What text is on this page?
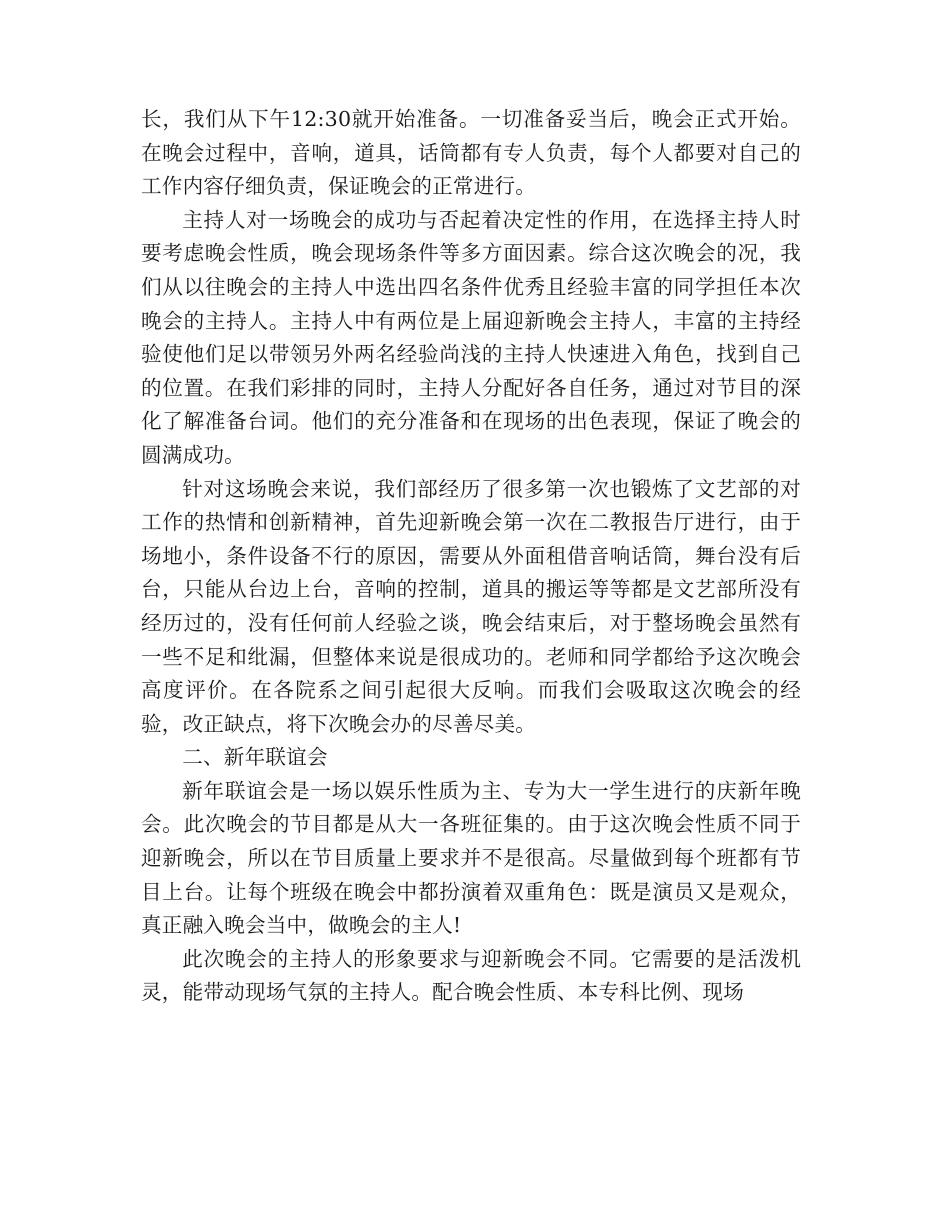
长，我们从下午12:30就开始准备。一切准备妥当后，晚会正式开始。在晚会过程中，音响，道具，话筒都有专人负责，每个人都要对自己的工作内容仔细负责，保证晚会的正常进行。

主持人对一场晚会的成功与否起着决定性的作用，在选择主持人时要考虑晚会性质，晚会现场条件等多方面因素。综合这次晚会的况，我们从以往晚会的主持人中选出四名条件优秀且经验丰富的同学担任本次晚会的主持人。主持人中有两位是上届迎新晚会主持人，丰富的主持经验使他们足以带领另外两名经验尚浅的主持人快速进入角色，找到自己的位置。在我们彩排的同时，主持人分配好各自任务，通过对节目的深化了解准备台词。他们的充分准备和在现场的出色表现，保证了晚会的圆满成功。

针对这场晚会来说，我们部经历了很多第一次也锻炼了文艺部的对工作的热情和创新精神，首先迎新晚会第一次在二教报告厅进行，由于场地小，条件设备不行的原因，需要从外面租借音响话筒，舞台没有后台，只能从台边上台，音响的控制，道具的搬运等等都是文艺部所没有经历过的，没有任何前人经验之谈，晚会结束后，对于整场晚会虽然有一些不足和纰漏，但整体来说是很成功的。老师和同学都给予这次晚会高度评价。在各院系之间引起很大反响。而我们会吸取这次晚会的经验，改正缺点，将下次晚会办的尽善尽美。

二、新年联谊会

新年联谊会是一场以娱乐性质为主、专为大一学生进行的庆新年晚会。此次晚会的节目都是从大一各班征集的。由于这次晚会性质不同于迎新晚会，所以在节目质量上要求并不是很高。尽量做到每个班都有节目上台。让每个班级在晚会中都扮演着双重角色：既是演员又是观众，真正融入晚会当中，做晚会的主人!

此次晚会的主持人的形象要求与迎新晚会不同。它需要的是活泼机灵，能带动现场气氛的主持人。配合晚会性质、本专科比例、现场
